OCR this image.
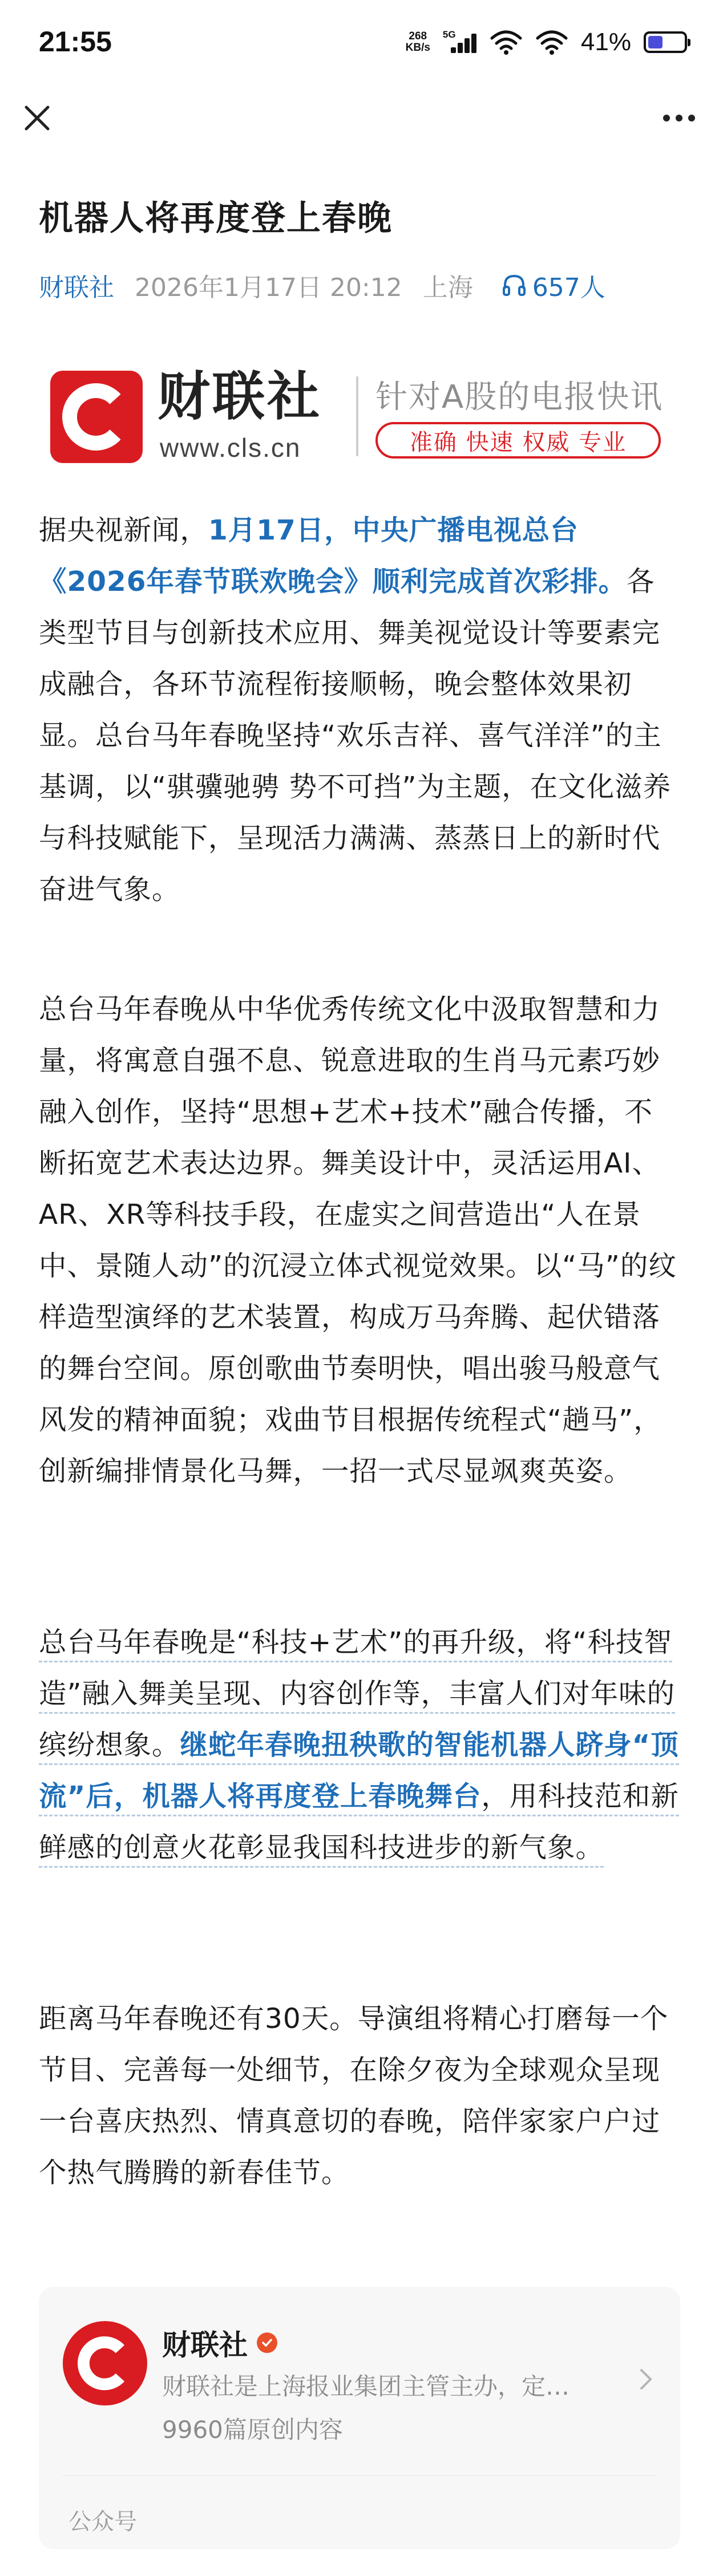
21:55	268
KB/s
5G	41%
机器人将再度登上春晚
财联社 2026年1月17日 20:12 上海 657人
财联社
www.cls.cn
针对A股的电报快讯
准确 快速 权威 专业

据央视新闻，1月17日，中央广播电视总台《2026年春节联欢晚会》顺利完成首次彩排。各类型节目与创新技术应用、舞美视觉设计等要素完成融合，各环节流程衔接顺畅，晚会整体效果初显。总台马年春晚坚持“欢乐吉祥、喜气洋洋”的主基调，以“骐骥驰骋 势不可挡”为主题，在文化滋养与科技赋能下，呈现活力满满、蒸蒸日上的新时代奋进气象。

总台马年春晚从中华优秀传统文化中汲取智慧和力量，将寓意自强不息、锐意进取的生肖马元素巧妙融入创作，坚持“思想+艺术+技术”融合传播，不断拓宽艺术表达边界。舞美设计中，灵活运用AI、AR、XR等科技手段，在虚实之间营造出“人在景中、景随人动”的沉浸立体式视觉效果。以“马”的纹样造型演绎的艺术装置，构成万马奔腾、起伏错落的舞台空间。原创歌曲节奏明快，唱出骏马般意气风发的精神面貌；戏曲节目根据传统程式“趟马”，创新编排情景化马舞，一招一式尽显飒爽英姿。

总台马年春晚是“科技+艺术”的再升级，将“科技智造”融入舞美呈现、内容创作等，丰富人们对年味的缤纷想象。继蛇年春晚扭秧歌的智能机器人跻身“顶流”后，机器人将再度登上春晚舞台，用科技范和新鲜感的创意火花彰显我国科技进步的新气象。

距离马年春晚还有30天。导演组将精心打磨每一个节目、完善每一处细节，在除夕夜为全球观众呈现一台喜庆热烈、情真意切的春晚，陪伴家家户户过个热气腾腾的新春佳节。

财联社
财联社是上海报业集团主管主办，定…
9960篇原创内容
公众号
